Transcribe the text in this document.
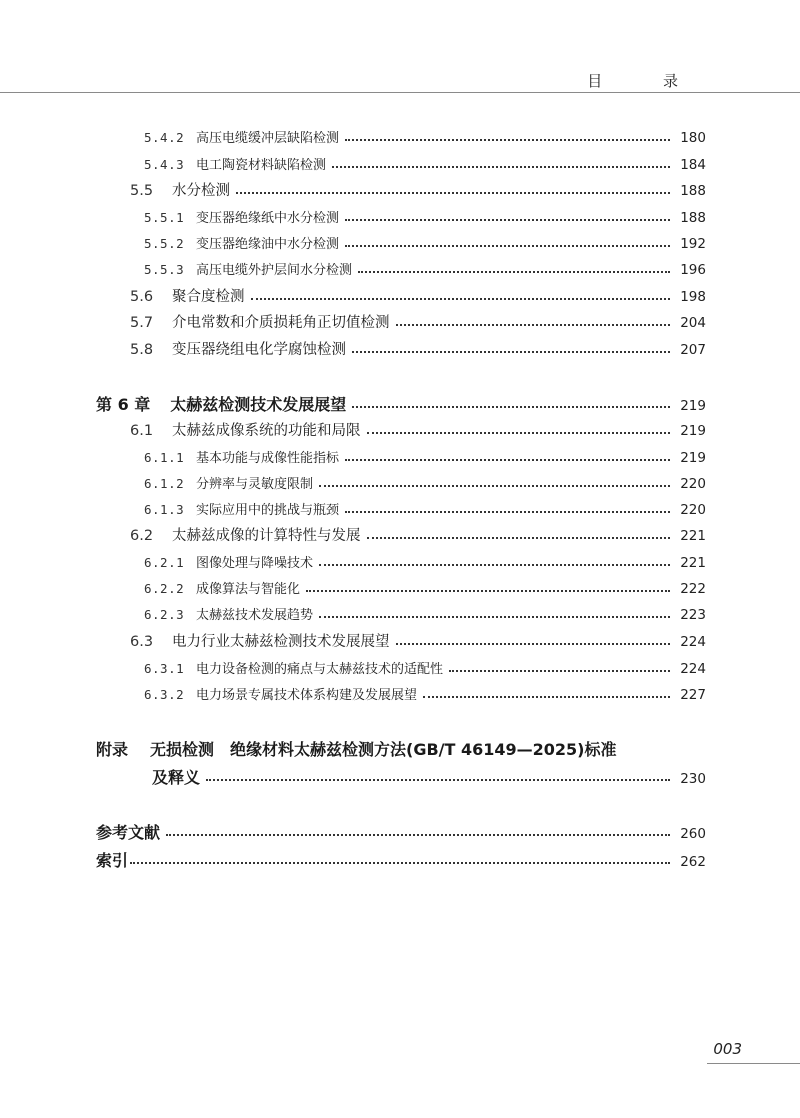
目 录
5.4.2 高压电缆缓冲层缺陷检测	180
5.4.3 电工陶瓷材料缺陷检测	184
5.5 水分检测	188
5.5.1 变压器绝缘纸中水分检测	188
5.5.2 变压器绝缘油中水分检测	192
5.5.3 高压电缆外护层间水分检测	196
5.6 聚合度检测	198
5.7 介电常数和介质损耗角正切值检测	204
5.8 变压器绕组电化学腐蚀检测	207
第 6 章 太赫兹检测技术发展展望	219
6.1 太赫兹成像系统的功能和局限	219
6.1.1 基本功能与成像性能指标	219
6.1.2 分辨率与灵敏度限制	220
6.1.3 实际应用中的挑战与瓶颈	220
6.2 太赫兹成像的计算特性与发展	221
6.2.1 图像处理与降噪技术	221
6.2.2 成像算法与智能化	222
6.2.3 太赫兹技术发展趋势	223
6.3 电力行业太赫兹检测技术发展展望	224
6.3.1 电力设备检测的痛点与太赫兹技术的适配性	224
6.3.2 电力场景专属技术体系构建及发展展望	227
附录 无损检测　绝缘材料太赫兹检测方法(GB/T 46149—2025)标准
及释义	230
参考文献	260
索引	262
003
